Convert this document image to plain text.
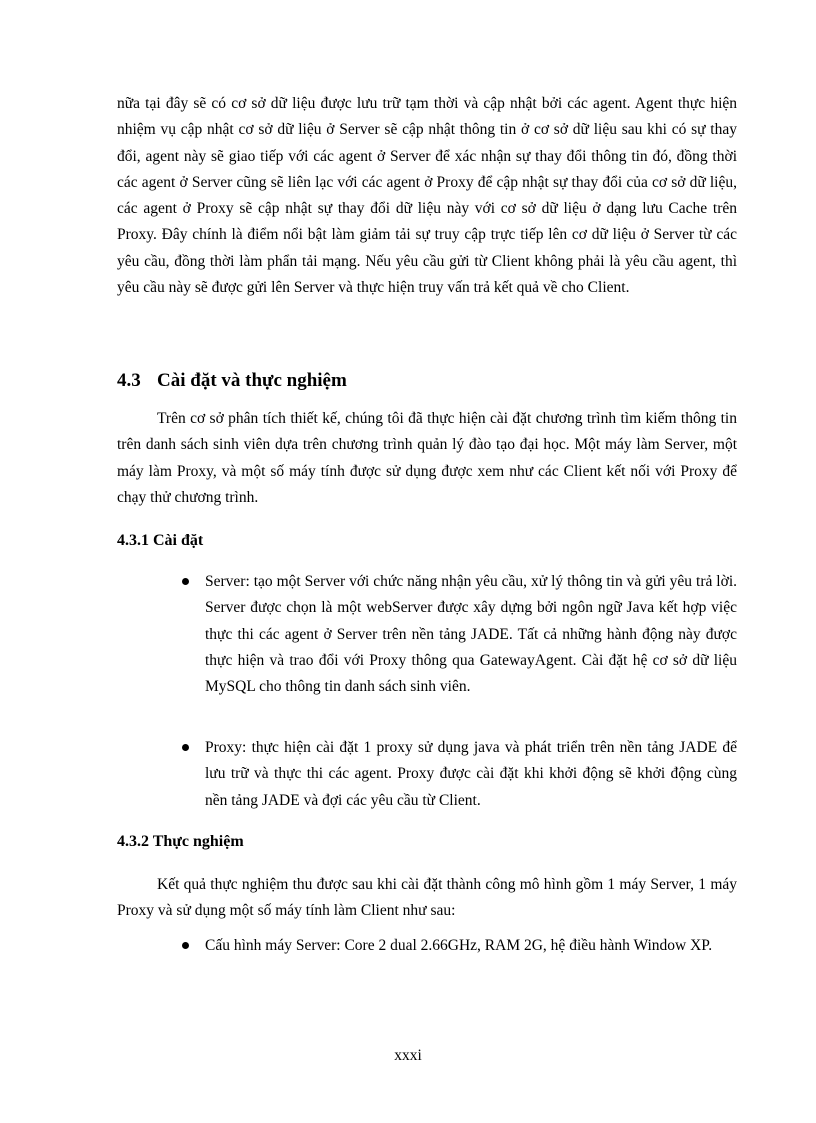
nữa tại đây sẽ có cơ sở dữ liệu được lưu trữ tạm thời và cập nhật bởi các agent. Agent thực hiện nhiệm vụ cập nhật cơ sở dữ liệu ở Server sẽ cập nhật thông tin ở cơ sở dữ liệu sau khi có sự thay đổi, agent này sẽ giao tiếp với các agent ở Server để xác nhận sự thay đổi thông tin đó, đồng thời các agent ở Server cũng sẽ liên lạc với các agent ở Proxy để cập nhật sự thay đổi của cơ sở dữ liệu, các agent ở Proxy sẽ cập nhật sự thay đổi dữ liệu này với cơ sở dữ liệu ở dạng lưu Cache trên Proxy. Đây chính là điểm nổi bật làm giảm tải sự truy cập trực tiếp lên cơ dữ liệu ở Server từ các yêu cầu, đồng thời làm phẩn tải mạng. Nếu yêu cầu gửi từ Client không phải là yêu cầu agent, thì yêu cầu này sẽ được gửi lên Server và thực hiện truy vấn trả kết quả về cho Client.

4.3 Cài đặt và thực nghiệm

Trên cơ sở phân tích thiết kế, chúng tôi đã thực hiện cài đặt chương trình tìm kiếm thông tin trên danh sách sinh viên dựa trên chương trình quản lý đào tạo đại học. Một máy làm Server, một máy làm Proxy, và một số máy tính được sử dụng được xem như các Client kết nối với Proxy để chạy thử chương trình.

4.3.1 Cài đặt

Server: tạo một Server với chức năng nhận yêu cầu, xử lý thông tin và gửi yêu trả lời. Server được chọn là một webServer được xây dựng bởi ngôn ngữ Java kết hợp việc thực thi các agent ở Server trên nền tảng JADE. Tất cả những hành động này được thực hiện và trao đổi với Proxy thông qua GatewayAgent. Cài đặt hệ cơ sở dữ liệu MySQL cho thông tin danh sách sinh viên.

Proxy: thực hiện cài đặt 1 proxy sử dụng java và phát triển trên nền tảng JADE để lưu trữ và thực thi các agent. Proxy được cài đặt khi khởi động sẽ khởi động cùng nền tảng JADE và đợi các yêu cầu từ Client.

4.3.2 Thực nghiệm

Kết quả thực nghiệm thu được sau khi cài đặt thành công mô hình gồm 1 máy Server, 1 máy Proxy và sử dụng một số máy tính làm Client như sau:

Cấu hình máy Server: Core 2 dual 2.66GHz, RAM 2G, hệ điều hành Window XP.

xxxi
